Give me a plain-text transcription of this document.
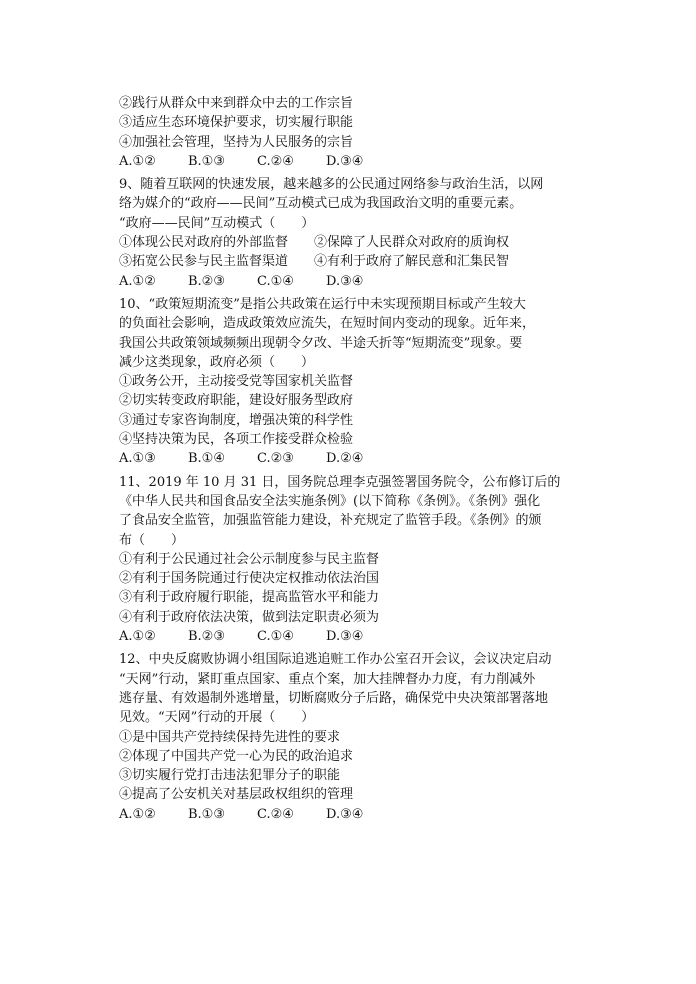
②践行从群众中来到群众中去的工作宗旨
③适应生态环境保护要求，切实履行职能
④加强社会管理，坚持为人民服务的宗旨
A.①②	B.①③	C.②④	D.③④
9、随着互联网的快速发展，越来越多的公民通过网络参与政治生活，以网
络为媒介的“政府——民间”互动模式已成为我国政治文明的重要元素。
“政府——民间”互动模式（　　）
①体现公民对政府的外部监督　　②保障了人民群众对政府的质询权
③拓宽公民参与民主监督渠道　　④有利于政府了解民意和汇集民智
A.①②	B.②③	C.①④	D.③④
10、“政策短期流变”是指公共政策在运行中未实现预期目标或产生较大
的负面社会影响，造成政策效应流失，在短时间内变动的现象。近年来，
我国公共政策领域频频出现朝令夕改、半途夭折等“短期流变”现象。要
减少这类现象，政府必须（　　）
①政务公开，主动接受党等国家机关监督
②切实转变政府职能，建设好服务型政府
③通过专家咨询制度，增强决策的科学性
④坚持决策为民，各项工作接受群众检验
A.①③	B.①④	C.②③	D.②④
11、2019 年 10 月 31 日，国务院总理李克强签署国务院令，公布修订后的
《中华人民共和国食品安全法实施条例》(以下简称《条例》。《条例》强化
了食品安全监管，加强监管能力建设，补充规定了监管手段。《条例》的颁
布（　　）
①有利于公民通过社会公示制度参与民主监督
②有利于国务院通过行使决定权推动依法治国
③有利于政府履行职能，提高监管水平和能力
④有利于政府依法决策，做到法定职责必须为
A.①②	B.②③	C.①④	D.③④
12、中央反腐败协调小组国际追逃追赃工作办公室召开会议，会议决定启动
“天网”行动，紧盯重点国家、重点个案，加大挂牌督办力度，有力削减外
逃存量、有效遏制外逃增量，切断腐败分子后路，确保党中央决策部署落地
见效。“天网”行动的开展（　　）
①是中国共产党持续保持先进性的要求
②体现了中国共产党一心为民的政治追求
③切实履行党打击违法犯罪分子的职能
④提高了公安机关对基层政权组织的管理
A.①②	B.①③	C.②④	D.③④
